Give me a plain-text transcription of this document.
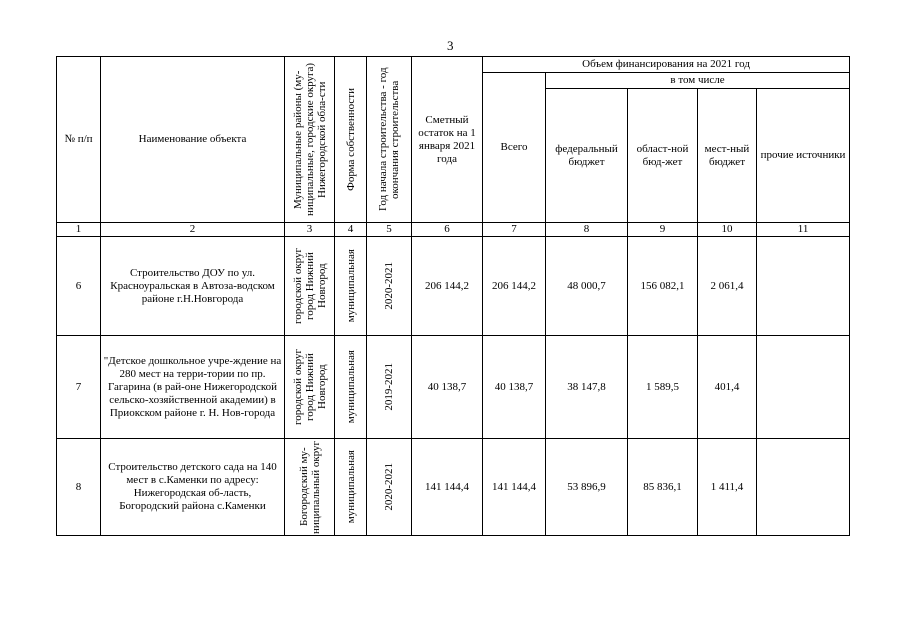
3
№ п/п	Наименование объекта	Муниципальные районы (му-ниципальные, городские округа) Нижегородской обла-сти	Форма собственности	Год начала строительства - год окончания строительства	Сметный остаток на 1 января 2021 года	Объем финансирования на 2021 год				
						Всего	в том числе			
							федеральный бюджет	област-ной бюд-жет	мест-ный бюджет	прочие источники
1	2	3	4	5	6	7	8	9	10	11
6	Строительство ДОУ по ул. Красноуральская в Автоза-водском районе г.Н.Новгорода	городской округ город Нижний Новгород	муниципальная	2020-2021	206 144,2	206 144,2	48 000,7	156 082,1	2 061,4	
7	"Детское дошкольное учре-ждение на 280 мест на терри-тории по пр. Гагарина (в рай-оне Нижегородской сельско-хозяйственной академии) в Приокском районе г. Н. Нов-города	городской округ город Нижний Новгород	муниципальная	2019-2021	40 138,7	40 138,7	38 147,8	1 589,5	401,4	
8	Строительство детского сада на 140 мест в с.Каменки по адресу: Нижегородская об-ласть, Богородский района с.Каменки	Богородский му-ниципальный округ	муниципальная	2020-2021	141 144,4	141 144,4	53 896,9	85 836,1	1 411,4	
